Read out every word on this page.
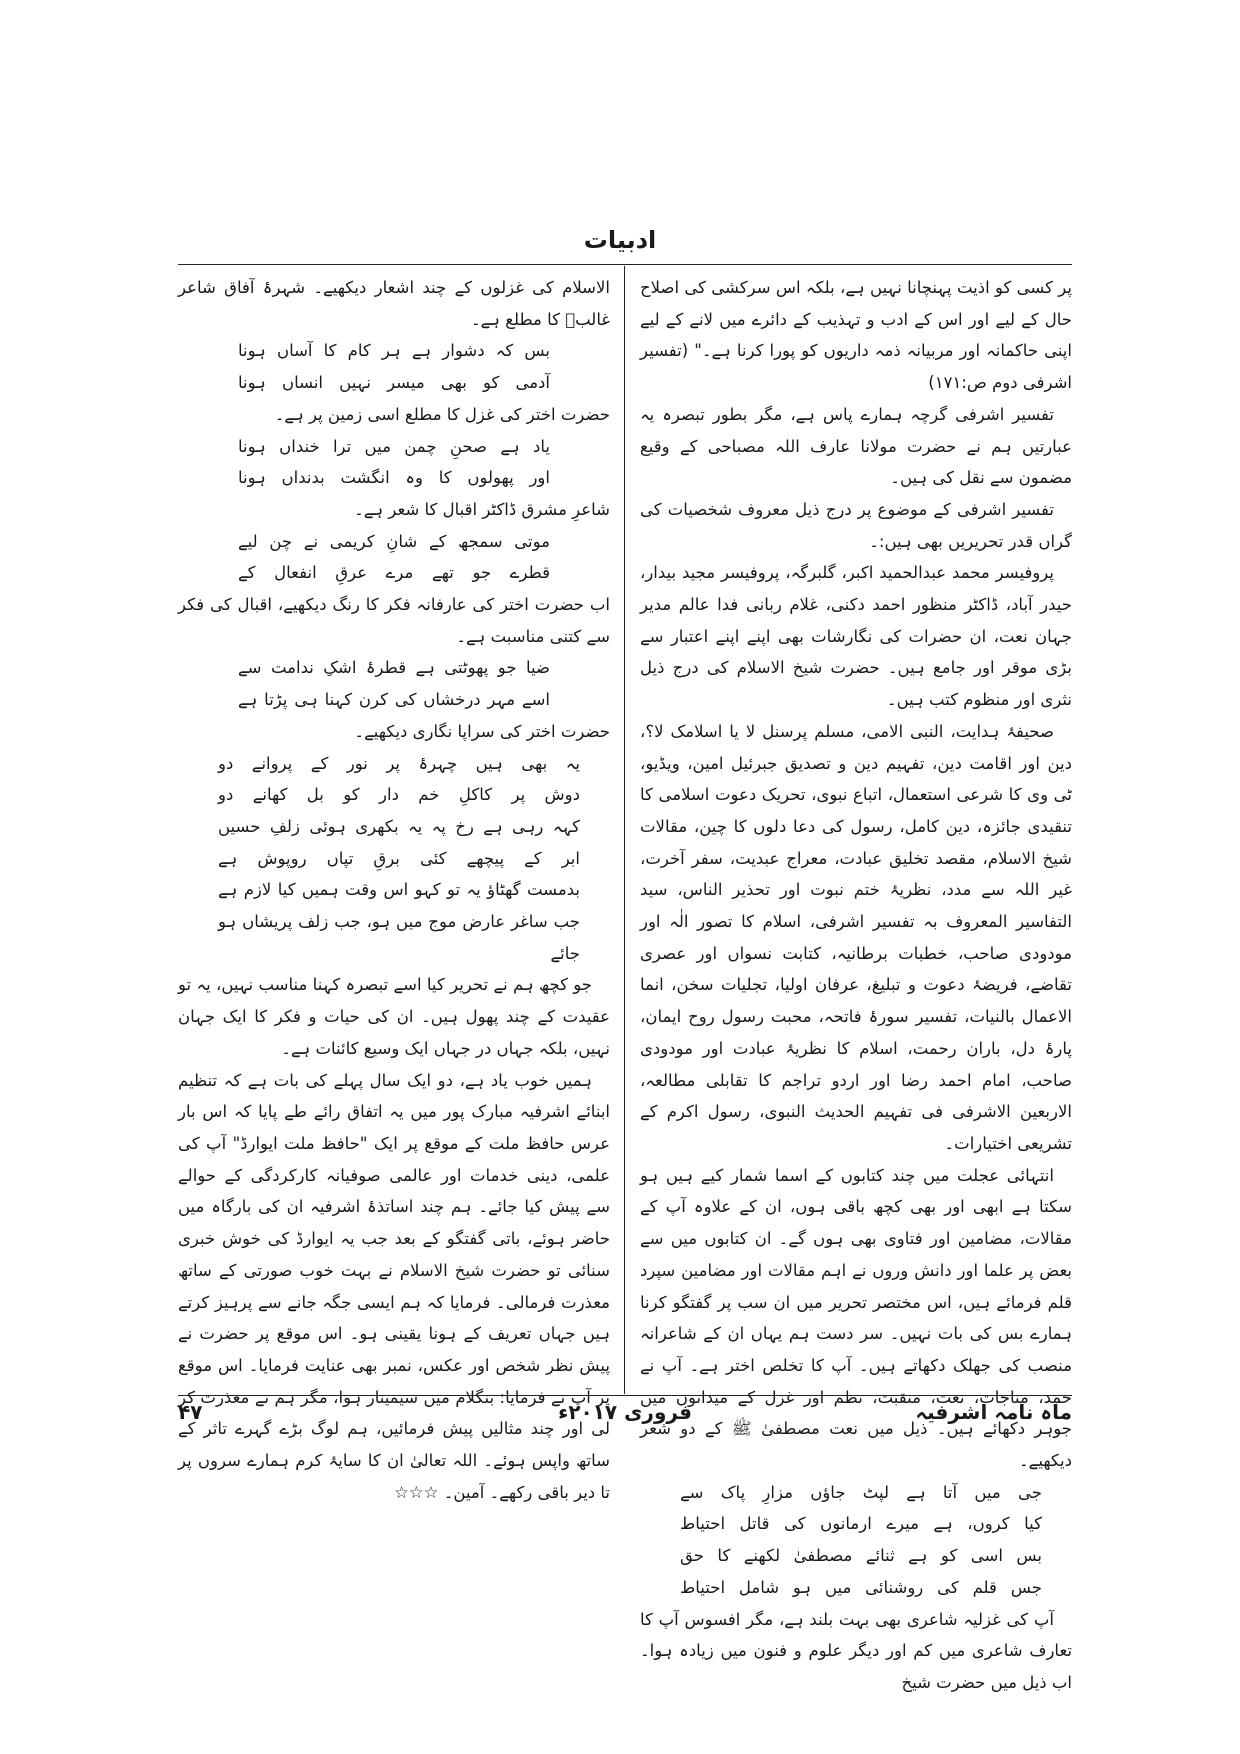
ادبیات

پر کسی کو اذیت پہنچانا نہیں ہے، بلکہ اس سرکشی کی اصلاح حال کے لیے اور اس کے ادب و تہذیب کے دائرے میں لانے کے لیے اپنی حاکمانہ اور مربیانہ ذمہ داریوں کو پورا کرنا ہے۔" (تفسیر اشرفی دوم ص:۱۷۱)

تفسیر اشرفی گرچہ ہمارے پاس ہے، مگر بطور تبصرہ یہ عبارتیں ہم نے حضرت مولانا عارف اللہ مصباحی کے وقیع مضمون سے نقل کی ہیں۔

تفسیر اشرفی کے موضوع پر درج ذیل معروف شخصیات کی گراں قدر تحریریں بھی ہیں:۔

پروفیسر محمد عبدالحمید اکبر، گلبرگہ، پروفیسر مجید بیدار، حیدر آباد، ڈاکٹر منظور احمد دکنی، غلام ربانی فدا عالم مدیر جہان نعت، ان حضرات کی نگارشات بھی اپنے اپنے اعتبار سے بڑی موقر اور جامع ہیں۔ حضرت شیخ الاسلام کی درج ذیل نثری اور منظوم کتب ہیں۔

صحیفۂ ہدایت، النبی الامی، مسلم پرسنل لا یا اسلامک لا؟، دین اور اقامت دین، تفہیم دین و تصدیق جبرئیل امین، ویڈیو، ٹی وی کا شرعی استعمال، اتباع نبوی، تحریک دعوت اسلامی کا تنقیدی جائزہ، دین کامل، رسول کی دعا دلوں کا چین، مقالات شیخ الاسلام، مقصد تخلیق عبادت، معراج عبدیت، سفر آخرت، غیر اللہ سے مدد، نظریۂ ختم نبوت اور تحذیر الناس، سید التفاسیر المعروف بہ تفسیر اشرفی، اسلام کا تصور الٰہ اور مودودی صاحب، خطبات برطانیہ، کتابت نسواں اور عصری تقاضے، فریضۂ دعوت و تبلیغ، عرفان اولیا، تجلیات سخن، انما الاعمال بالنیات، تفسیر سورۂ فاتحہ، محبت رسول روح ایمان، پارۂ دل، باران رحمت، اسلام کا نظریۂ عبادت اور مودودی صاحب، امام احمد رضا اور اردو تراجم کا تقابلی مطالعہ، الاربعین الاشرفی فی تفہیم الحدیث النبوی، رسول اکرم کے تشریعی اختیارات۔

انتہائی عجلت میں چند کتابوں کے اسما شمار کیے ہیں ہو سکتا ہے ابھی اور بھی کچھ باقی ہوں، ان کے علاوہ آپ کے مقالات، مضامین اور فتاوی بھی ہوں گے۔ ان کتابوں میں سے بعض پر علما اور دانش وروں نے اہم مقالات اور مضامین سپرد قلم فرمائے ہیں، اس مختصر تحریر میں ان سب پر گفتگو کرنا ہمارے بس کی بات نہیں۔ سر دست ہم یہاں ان کے شاعرانہ منصب کی جھلک دکھاتے ہیں۔ آپ کا تخلص اختر ہے۔ آپ نے حمد، مناجات، نعت، منقبت، نظم اور غزل کے میدانوں میں جوہر دکھائے ہیں۔ ذیل میں نعت مصطفیٰ ﷺ کے دو شعر دیکھیے۔

جی میں آتا ہے لپٹ جاؤں مزارِ پاک سے

کیا کروں، ہے میرے ارمانوں کی قاتل احتیاط

بس اسی کو ہے ثنائے مصطفیٰ لکھنے کا حق

جس قلم کی روشنائی میں ہو شامل احتیاط

آپ کی غزلیہ شاعری بھی بہت بلند ہے، مگر افسوس آپ کا تعارف شاعری میں کم اور دیگر علوم و فنون میں زیادہ ہوا۔ اب ذیل میں حضرت شیخ

الاسلام کی غزلوں کے چند اشعار دیکھیے۔ شہرۂ آفاق شاعر غالبؔ کا مطلع ہے۔

بس کہ دشوار ہے ہر کام کا آساں ہونا

آدمی کو بھی میسر نہیں انساں ہونا

حضرت اختر کی غزل کا مطلع اسی زمین پر ہے۔

یاد ہے صحنِ چمن میں ترا خنداں ہونا

اور پھولوں کا وہ انگشت بدنداں ہونا

شاعرِ مشرق ڈاکٹر اقبال کا شعر ہے۔

موتی سمجھ کے شانِ کریمی نے چن لیے

قطرے جو تھے مرے عرقِ انفعال کے

اب حضرت اختر کی عارفانہ فکر کا رنگ دیکھیے، اقبال کی فکر سے کتنی مناسبت ہے۔

ضیا جو پھوٹتی ہے قطرۂ اشکِ ندامت سے

اسے مہر درخشاں کی کرن کہنا ہی پڑتا ہے

حضرت اختر کی سراپا نگاری دیکھیے۔

یہ بھی ہیں چہرۂ پر نور کے پروانے دو

دوش پر کاکلِ خم دار کو بل کھانے دو

کہہ رہی ہے رخ پہ یہ بکھری ہوئی زلفِ حسیں

ابر کے پیچھے کئی برقِ تپاں روپوش ہے

بدمست گھٹاؤ یہ تو کہو اس وقت ہمیں کیا لازم ہے

جب ساغر عارض موج میں ہو، جب زلف پریشاں ہو جائے

جو کچھ ہم نے تحریر کیا اسے تبصرہ کہنا مناسب نہیں، یہ تو عقیدت کے چند پھول ہیں۔ ان کی حیات و فکر کا ایک جہان نہیں، بلکہ جہاں در جہاں ایک وسیع کائنات ہے۔

ہمیں خوب یاد ہے، دو ایک سال پہلے کی بات ہے کہ تنظیم ابنائے اشرفیہ مبارک پور میں یہ اتفاق رائے طے پایا کہ اس بار عرس حافظ ملت کے موقع پر ایک "حافظ ملت ایوارڈ" آپ کی علمی، دینی خدمات اور عالمی صوفیانہ کارکردگی کے حوالے سے پیش کیا جائے۔ ہم چند اساتذۂ اشرفیہ ان کی بارگاہ میں حاضر ہوئے، باتی گفتگو کے بعد جب یہ ایوارڈ کی خوش خبری سنائی تو حضرت شیخ الاسلام نے بہت خوب صورتی کے ساتھ معذرت فرمالی۔ فرمایا کہ ہم ایسی جگہ جانے سے پرہیز کرتے ہیں جہاں تعریف کے ہونا یقینی ہو۔ اس موقع پر حضرت نے پیش نظر شخص اور عکس، نمبر بھی عنایت فرمایا۔ اس موقع پر آپ نے فرمایا: بنگلام میں سیمینار ہوا، مگر ہم نے معذرت کر لی اور چند مثالیں پیش فرمائیں، ہم لوگ بڑے گہرے تاثر کے ساتھ واپس ہوئے۔ اللہ تعالیٰ ان کا سایۂ کرم ہمارے سروں پر تا دیر باقی رکھے۔ آمین۔ ☆☆☆

ماہ نامہ اشرفیہ
فروری ۲۰۱۷ء
۴۷
